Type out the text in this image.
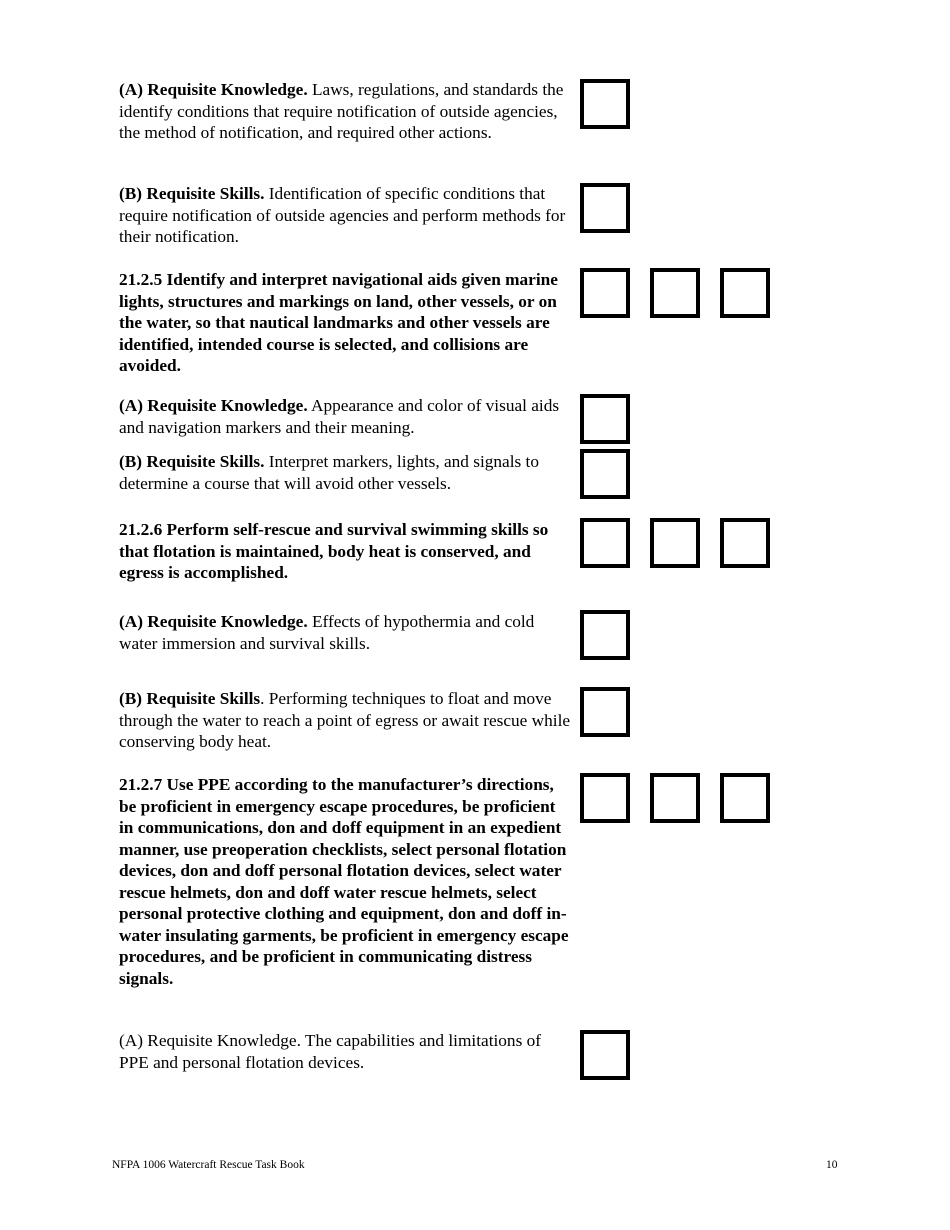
(A) Requisite Knowledge. Laws, regulations, and standards the identify conditions that require notification of outside agencies, the method of notification, and required other actions.

(B) Requisite Skills. Identification of specific conditions that require notification of outside agencies and perform methods for their notification.

21.2.5 Identify and interpret navigational aids given marine lights, structures and markings on land, other vessels, or on the water, so that nautical landmarks and other vessels are identified, intended course is selected, and collisions are avoided.

(A) Requisite Knowledge. Appearance and color of visual aids and navigation markers and their meaning.

(B) Requisite Skills. Interpret markers, lights, and signals to determine a course that will avoid other vessels.

21.2.6 Perform self-rescue and survival swimming skills so that flotation is maintained, body heat is conserved, and egress is accomplished.

(A) Requisite Knowledge. Effects of hypothermia and cold water immersion and survival skills.

(B) Requisite Skills. Performing techniques to float and move through the water to reach a point of egress or await rescue while conserving body heat.

21.2.7 Use PPE according to the manufacturer’s directions, be proficient in emergency escape procedures, be proficient in communications, don and doff equipment in an expedient manner, use preoperation checklists, select personal flotation devices, don and doff personal flotation devices, select water rescue helmets, don and doff water rescue helmets, select personal protective clothing and equipment, don and doff in-water insulating garments, be proficient in emergency escape procedures, and be proficient in communicating distress signals.

(A) Requisite Knowledge. The capabilities and limitations of PPE and personal flotation devices.

NFPA 1006 Watercraft Rescue Task Book	10
